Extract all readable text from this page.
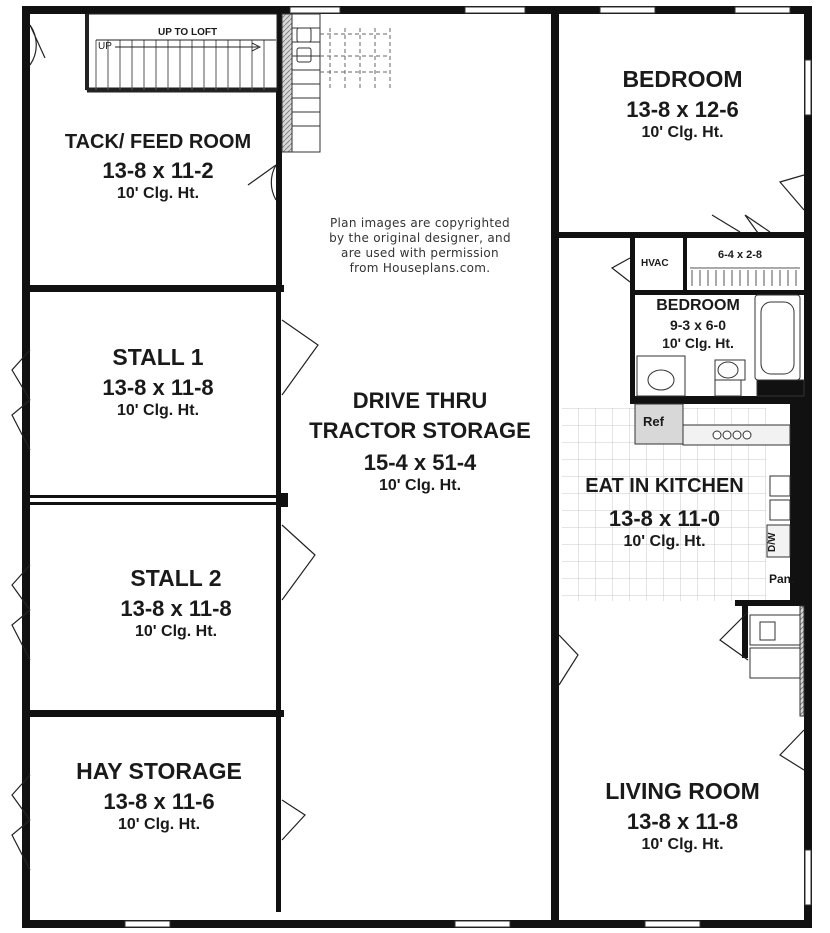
UP
UP TO LOFT
TACK/ FEED ROOM
13-8 x 11-2
10' Clg. Ht.
STALL 1
13-8 x 11-8
10' Clg. Ht.
STALL 2
13-8 x 11-8
10' Clg. Ht.
HAY STORAGE
13-8 x 11-6
10' Clg. Ht.
Plan images are copyrighted
by the original designer, and
are used with permission
from Houseplans.com.
DRIVE THRU
TRACTOR STORAGE
15-4 x 51-4
10' Clg. Ht.
BEDROOM
13-8 x 12-6
10' Clg. Ht.
HVAC
6-4 x 2-8
BEDROOM
9-3 x 6-0
10' Clg. Ht.
Ref
D/W
Pan.
EAT IN KITCHEN
13-8 x 11-0
10' Clg. Ht.
LIVING ROOM
13-8 x 11-8
10' Clg. Ht.
